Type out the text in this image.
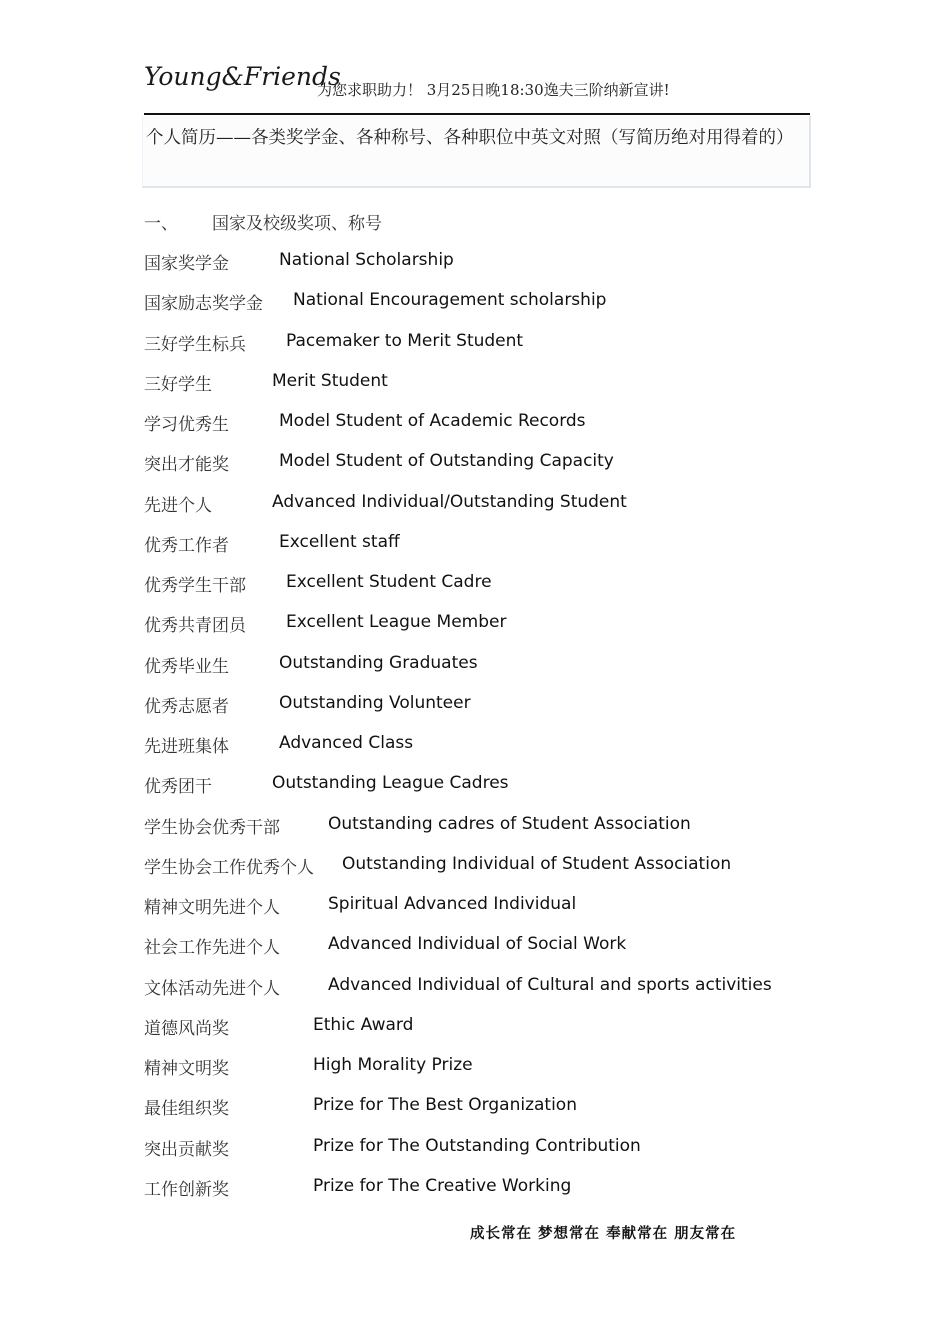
Young&Friends
为您求职助力！ 3月25日晚18:30逸夫三阶纳新宣讲!
个人简历——各类奖学金、各种称号、各种职位中英文对照（写简历绝对用得着的）
一、 国家及校级奖项、称号
国家奖学金	National Scholarship
国家励志奖学金 National Encouragement scholarship
三好学生标兵 Pacemaker to Merit Student
三好学生	Merit Student
学习优秀生	Model Student of Academic Records
突出才能奖	Model Student of Outstanding Capacity
先进个人	Advanced Individual/Outstanding Student
优秀工作者	Excellent staff
优秀学生干部 Excellent Student Cadre
优秀共青团员 Excellent League Member
优秀毕业生	Outstanding Graduates
优秀志愿者	Outstanding Volunteer
先进班集体	Advanced Class
优秀团干	Outstanding League Cadres
学生协会优秀干部	Outstanding cadres of Student Association
学生协会工作优秀个人 Outstanding Individual of Student Association
精神文明先进个人	Spiritual Advanced Individual
社会工作先进个人	Advanced Individual of Social Work
文体活动先进个人	Advanced Individual of Cultural and sports activities
道德风尚奖	Ethic Award
精神文明奖	High Morality Prize
最佳组织奖	Prize for The Best Organization
突出贡献奖	Prize for The Outstanding Contribution
工作创新奖	Prize for The Creative Working
成长常在 梦想常在 奉献常在 朋友常在
